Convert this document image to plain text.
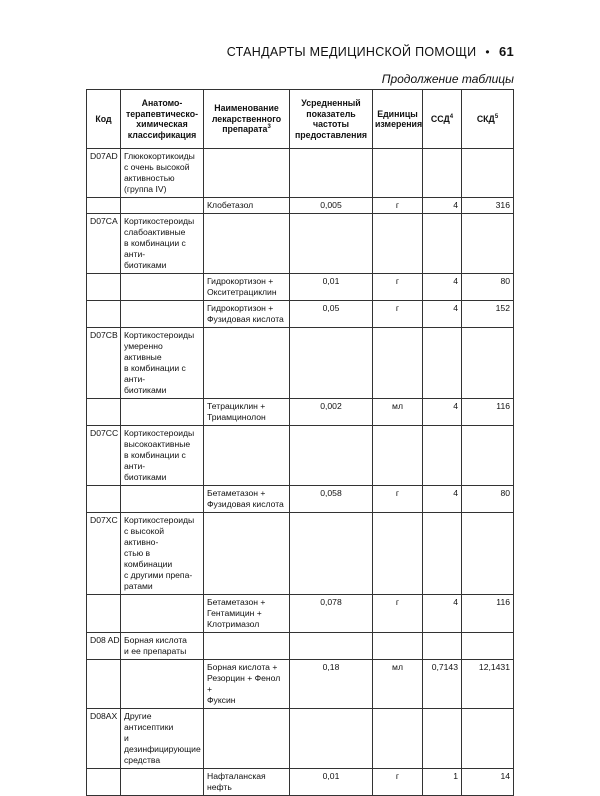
СТАНДАРТЫ МЕДИЦИНСКОЙ ПОМОЩИ • 61
Продолжение таблицы
Код	Анатомо-
терапевтическо-
химическая
классификация	Наименование
лекарственного
препарата$^3$	Усредненный
показатель
частоты
предоставления	Единицы
измерения	ССД$^4$	СКД$^5$
D07AD	Глюкокортикоиды
с очень высокой
активностью
(группа IV)					
		Клобетазол	0,005	г	4	316
D07CA	Кортикостероиды
слабоактивные
в комбинации с анти-
биотиками					
		Гидрокортизон +
Окситетрациклин	0,01	г	4	80
		Гидрокортизон +
Фузидовая кислота	0,05	г	4	152
D07CB	Кортикостероиды
умеренно активные
в комбинации с анти-
биотиками					
		Тетрациклин +
Триамцинолон	0,002	мл	4	116
D07CC	Кортикостероиды
высокоактивные
в комбинации с анти-
биотиками					
		Бетаметазон +
Фузидовая кислота	0,058	г	4	80
D07XC	Кортикостероиды
с высокой активно-
стью в комбинации
с другими препа-
ратами					
		Бетаметазон +
Гентамицин +
Клотримазол	0,078	г	4	116
D08 AD	Борная кислота
и ее препараты					
		Борная кислота +
Резорцин + Фенол +
Фуксин	0,18	мл	0,7143	12,1431
D08AX	Другие антисептики
и дезинфицирующие
средства					
		Нафталанская нефть	0,01	г	1	14
